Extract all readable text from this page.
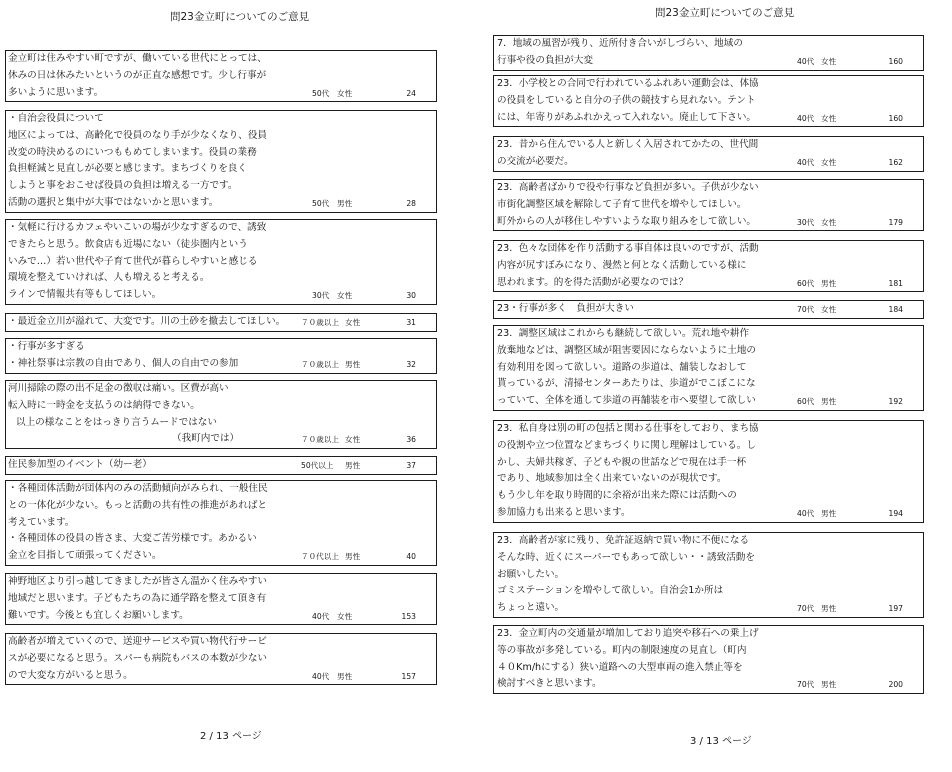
問23金立町についてのご意見
金立町は住みやすい町ですが、働いている世代にとっては、
休みの日は休みたいというのが正直な感想です。少し行事が
多いように思います。	50代 女性	24
・自治会役員について
地区によっては、高齢化で役員のなり手が少なくなり、役員
改変の時決めるのにいつももめてしまいます。役員の業務
負担軽減と見直しが必要と感じます。まちづくりを良く
しようと事をおこせば役員の負担は増える一方です。
活動の選択と集中が大事ではないかと思います。	50代 男性	28
・気軽に行けるカフェやいこいの場が少なすぎるので、誘致
できたらと思う。飲食店も近場にない（徒歩圏内という
いみで…）若い世代や子育て世代が暮らしやすいと感じる
環境を整えていければ、人も増えると考える。
ラインで情報共有等もしてほしい。	30代 女性	30
・最近金立川が溢れて、大変です。川の土砂を撤去してほしい。	７０歳以上 女性	31
・行事が多すぎる
・神社祭事は宗教の自由であり、個人の自由での参加	７０歳以上 男性	32
河川掃除の際の出不足金の徴収は痛い。区費が高い
転入時に一時金を支払うのは納得できない。
以上の様なことをはっきり言うムードではない
（我町内では）	７０歳以上 女性	36
住民参加型のイベント（幼ー老）	50代以上 男性	37
・各種団体活動が団体内のみの活動傾向がみられ、一般住民
との一体化が少ない。もっと活動の共有性の推進があればと
考えています。
・各種団体の役員の皆さま、大変ご苦労様です。あかるい
金立を目指して頑張ってください。	７０代以上 男性	40
神野地区より引っ越してきましたが皆さん温かく住みやすい
地域だと思います。子どもたちの為に通学路を整えて頂き有
難いです。今後とも宜しくお願いします。	40代 女性	153
高齢者が増えていくので、送迎サービスや買い物代行サービ
スが必要になると思う。スパーも病院もバスの本数が少ない
ので大変な方がいると思う。	40代 男性	157
2 / 13 ページ
問23金立町についてのご意見
7．地域の風習が残り、近所付き合いがしづらい、地域の
行事や役の負担が大変	40代 女性	160
23．小学校との合同で行われているふれあい運動会は、体協
の役員をしていると自分の子供の競技すら見れない。テント
には、年寄りがあふれかえって入れない。廃止して下さい。	40代 女性	160
23．昔から住んでいる人と新しく入居されてかたの、世代間
の交流が必要だ。	40代 女性	162
23．高齢者ばかりで役や行事など負担が多い。子供が少ない
市街化調整区域を解除して子育て世代を増やしてほしい。
町外からの人が移住しやすいような取り組みをして欲しい。	30代 女性	179
23．色々な団体を作り活動する事自体は良いのですが、活動
内容が尻すぼみになり、漫然と何となく活動している様に
思われます。的を得た活動が必要なのでは？	60代 男性	181
23・行事が多く　負担が大きい	70代 女性	184
23．調整区域はこれからも継続して欲しい。荒れ地や耕作
放棄地などは、調整区域が阻害要因にならないように土地の
有効利用を図って欲しい。道路の歩道は、舗装しなおして
貰っているが、清掃センターあたりは、歩道がでこぼこにな
っていて、全体を通して歩道の再舗装を市へ要望して欲しい	60代 男性	192
23．私自身は別の町の包括と関わる仕事をしており、まち協
の役割や立つ位置などまちづくりに関し理解はしている。し
かし、夫婦共稼ぎ、子どもや親の世話などで現在は手一杯
であり、地域参加は全く出来ていないのが現状です。
もう少し年を取り時間的に余裕が出来た際には活動への
参加協力も出来ると思います。	40代 男性	194
23．高齢者が家に残り、免許証返納で買い物に不便になる
そんな時、近くにスーパーでもあって欲しい・・誘致活動を
お願いしたい。
ゴミステーションを増やして欲しい。自治会1か所は
ちょっと遠い。	70代 男性	197
23．金立町内の交通量が増加しており追突や移石への乗上げ
等の事故が多発している。町内の制限速度の見直し（町内
４０Km/hにする）狭い道路への大型車両の進入禁止等を
検討すべきと思います。	70代 男性	200
3 / 13 ページ
